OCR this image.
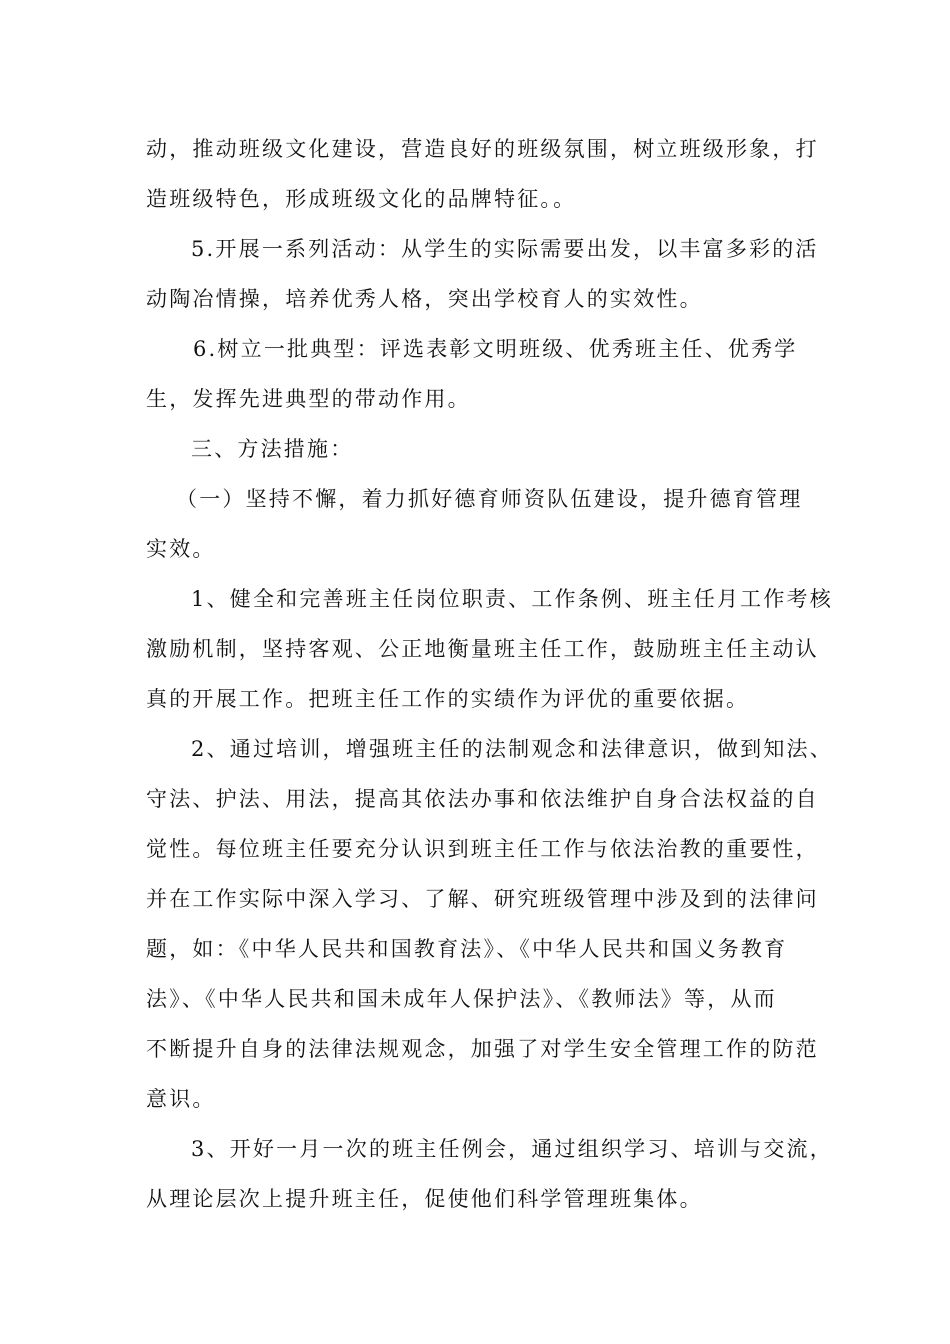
动，推动班级文化建设，营造良好的班级氛围，树立班级形象，打
造班级特色，形成班级文化的品牌特征。。
5.开展一系列活动：从学生的实际需要出发，以丰富多彩的活
动陶冶情操，培养优秀人格，突出学校育人的实效性。
6.树立一批典型：评选表彰文明班级、优秀班主任、优秀学
生，发挥先进典型的带动作用。
三、方法措施：
（一）坚持不懈，着力抓好德育师资队伍建设，提升德育管理
实效。
1、健全和完善班主任岗位职责、工作条例、班主任月工作考核
激励机制，坚持客观、公正地衡量班主任工作，鼓励班主任主动认
真的开展工作。把班主任工作的实绩作为评优的重要依据。
2、通过培训，增强班主任的法制观念和法律意识，做到知法、
守法、护法、用法，提高其依法办事和依法维护自身合法权益的自
觉性。每位班主任要充分认识到班主任工作与依法治教的重要性，
并在工作实际中深入学习、了解、研究班级管理中涉及到的法律问
题，如：《中华人民共和国教育法》、《中华人民共和国义务教育
法》、《中华人民共和国未成年人保护法》、《教师法》等，从而
不断提升自身的法律法规观念，加强了对学生安全管理工作的防范
意识。
3、开好一月一次的班主任例会，通过组织学习、培训与交流，
从理论层次上提升班主任，促使他们科学管理班集体。
